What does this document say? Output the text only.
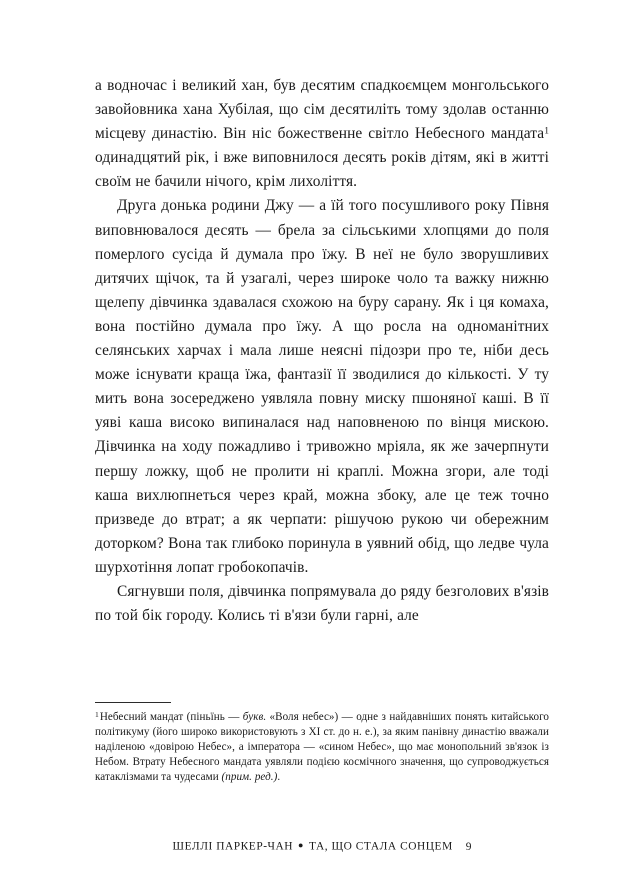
а водночас і великий хан, був десятим спадкоємцем монгольського завойовника хана Хубілая, що сім десятиліть тому здолав останню місцеву династію. Він ніс божественне світло Небесного мандата$^1$ одинадцятий рік, і вже виповнилося десять років дітям, які в житті своїм не бачили нічого, крім лихоліття.

Друга донька родини Джу — а їй того посушливого року Півня виповнювалося десять — брела за сільськими хлопцями до поля померлого сусіда й думала про їжу. В неї не було зворушливих дитячих щічок, та й узагалі, через широке чоло та важку нижню щелепу дівчинка здавалася схожою на буру сарану. Як і ця комаха, вона постійно думала про їжу. А що росла на одноманітних селянських харчах і мала лише неясні підозри про те, ніби десь може існувати краща їжа, фантазії її зводилися до кількості. У ту мить вона зосереджено уявляла повну миску пшоняної каші. В її уяві каша високо випиналася над наповненою по вінця мискою. Дівчинка на ходу пожадливо і тривожно мріяла, як же зачерпнути першу ложку, щоб не пролити ні краплі. Можна згори, але тоді каша вихлюпнеться через край, можна збоку, але це теж точно призведе до втрат; а як черпати: рішучою рукою чи обережним доторком? Вона так глибоко поринула в уявний обід, що ледве чула шурхотіння лопат гробокопачів.

Сягнувши поля, дівчинка попрямувала до ряду безголових в'язів по той бік городу. Колись ті в'язи були гарні, але

$^1$Небесний мандат (піньїнь — букв. «Воля небес») — одне з найдавніших понять китайського політикуму (його широко використовують з XI ст. до н. е.), за яким панівну династію вважали наділеною «довірою Небес», а імператора — «сином Небес», що має монопольний зв'язок із Небом. Втрату Небесного мандата уявляли подією космічного значення, що супроводжується катаклізмами та чудесами (прим. ред.).

ШЕЛЛІ ПАРКЕР-ЧАН ● ТА, ЩО СТАЛА СОНЦЕМ 9
